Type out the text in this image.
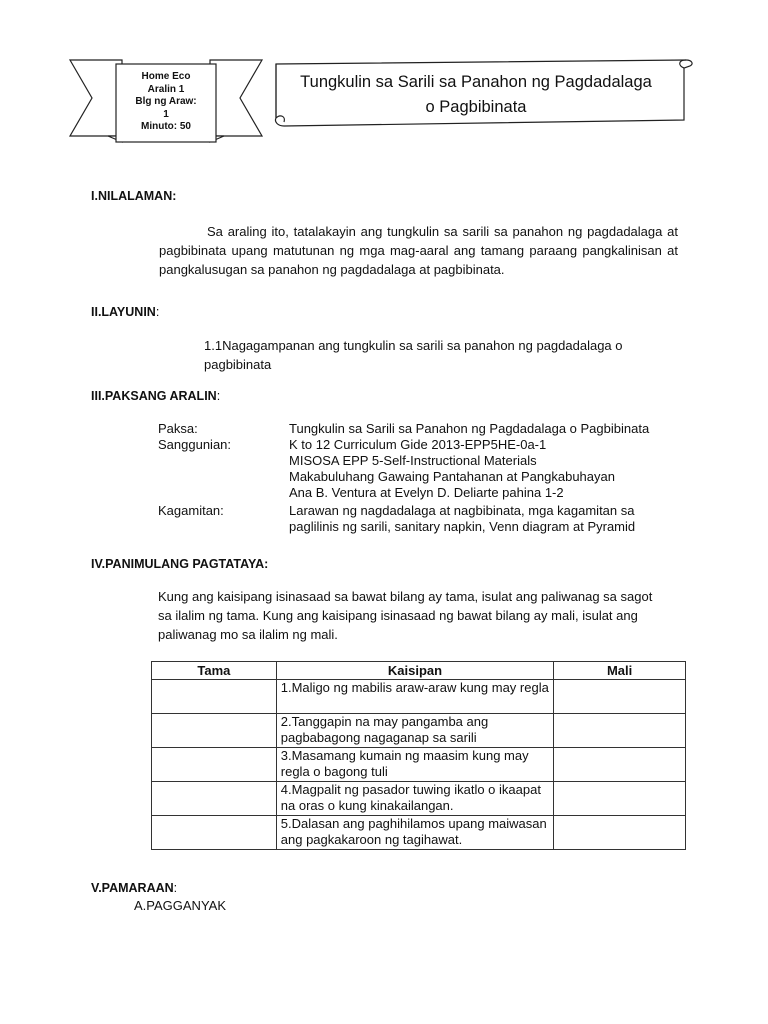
Home Eco
Aralin 1
Blg ng Araw:
1
Minuto: 50
Tungkulin sa Sarili sa Panahon ng Pagdadalaga
o Pagbibinata
I.NILALAMAN:
Sa araling ito, tatalakayin ang tungkulin sa sarili sa panahon ng pagdadalaga at pagbibinata upang matutunan ng mga mag-aaral ang tamang paraang pangkalinisan at pangkalusugan sa panahon ng pagdadalaga at pagbibinata.
II.LAYUNIN:
1.1Nagagampanan ang tungkulin sa sarili sa panahon ng pagdadalaga o pagbibinata
III.PAKSANG ARALIN:
Paksa:	Tungkulin sa Sarili sa Panahon ng Pagdadalaga o Pagbibinata
Sanggunian:	K to 12 Curriculum Gide 2013-EPP5HE-0a-1
MISOSA EPP 5-Self-Instructional Materials
Makabuluhang Gawaing Pantahanan at Pangkabuhayan
Ana B. Ventura at Evelyn D. Deliarte pahina 1-2
Kagamitan:	Larawan ng nagdadalaga at nagbibinata, mga kagamitan sa
paglilinis ng sarili, sanitary napkin, Venn diagram at Pyramid
IV.PANIMULANG PAGTATAYA:
Kung ang kaisipang isinasaad sa bawat bilang ay tama, isulat ang paliwanag sa sagot sa ilalim ng tama. Kung ang kaisipang isinasaad ng bawat bilang ay mali, isulat ang paliwanag mo sa ilalim ng mali.
Tama	Kaisipan	Mali
	1.Maligo ng mabilis araw-araw kung may regla	
	2.Tanggapin na may pangamba ang pagbabagong nagaganap sa sarili	
	3.Masamang kumain ng maasim kung may regla o bagong tuli	
	4.Magpalit ng pasador tuwing ikatlo o ikaapat na oras o kung kinakailangan.	
	5.Dalasan ang paghihilamos upang maiwasan ang pagkakaroon ng tagihawat.	
V.PAMARAAN:
A.PAGGANYAK
